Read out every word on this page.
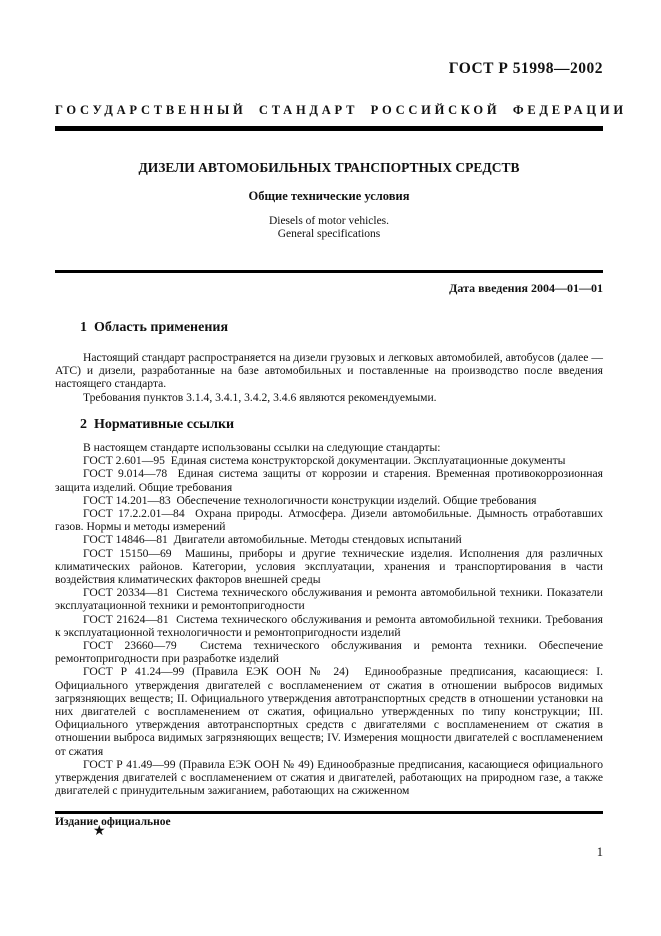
ГОСТ Р 51998—2002
ГОСУДАРСТВЕННЫЙ СТАНДАРТ РОССИЙСКОЙ ФЕДЕРАЦИИ
ДИЗЕЛИ АВТОМОБИЛЬНЫХ ТРАНСПОРТНЫХ СРЕДСТВ
Общие технические условия
Diesels of motor vehicles.
General specifications
Дата введения 2004—01—01
1  Область применения

Настоящий стандарт распространяется на дизели грузовых и легковых автомобилей, автобусов (далее — АТС) и дизели, разработанные на базе автомобильных и поставленные на производство после введения настоящего стандарта.

Требования пунктов 3.1.4, 3.4.1, 3.4.2, 3.4.6 являются рекомендуемыми.

2  Нормативные ссылки

В настоящем стандарте использованы ссылки на следующие стандарты:

ГОСТ 2.601—95  Единая система конструкторской документации. Эксплуатационные документы

ГОСТ 9.014—78  Единая система защиты от коррозии и старения. Временная противокоррозионная защита изделий. Общие требования

ГОСТ 14.201—83  Обеспечение технологичности конструкции изделий. Общие требования

ГОСТ 17.2.2.01—84  Охрана природы. Атмосфера. Дизели автомобильные. Дымность отработавших газов. Нормы и методы измерений

ГОСТ 14846—81  Двигатели автомобильные. Методы стендовых испытаний

ГОСТ 15150—69  Машины, приборы и другие технические изделия. Исполнения для различных климатических районов. Категории, условия эксплуатации, хранения и транспортирования в части воздействия климатических факторов внешней среды

ГОСТ 20334—81  Система технического обслуживания и ремонта автомобильной техники. Показатели эксплуатационной техники и ремонтопригодности

ГОСТ 21624—81  Система технического обслуживания и ремонта автомобильной техники. Требования к эксплуатационной технологичности и ремонтопригодности изделий

ГОСТ 23660—79  Система технического обслуживания и ремонта техники. Обеспечение ремонтопригодности при разработке изделий

ГОСТ Р 41.24—99 (Правила ЕЭК ООН № 24)  Единообразные предписания, касающиеся: I. Официального утверждения двигателей с воспламенением от сжатия в отношении выбросов видимых загрязняющих веществ; II. Официального утверждения автотранспортных средств в отношении установки на них двигателей с воспламенением от сжатия, официально утвержденных по типу конструкции; III. Официального утверждения автотранспортных средств с двигателями с воспламенением от сжатия в отношении выброса видимых загрязняющих веществ; IV. Измерения мощности двигателей с воспламенением от сжатия

ГОСТ Р 41.49—99 (Правила ЕЭК ООН № 49) Единообразные предписания, касающиеся официального утверждения двигателей с воспламенением от сжатия и двигателей, работающих на природном газе, а также двигателей с принудительным зажиганием, работающих на сжиженном

Издание официальное
★
1
